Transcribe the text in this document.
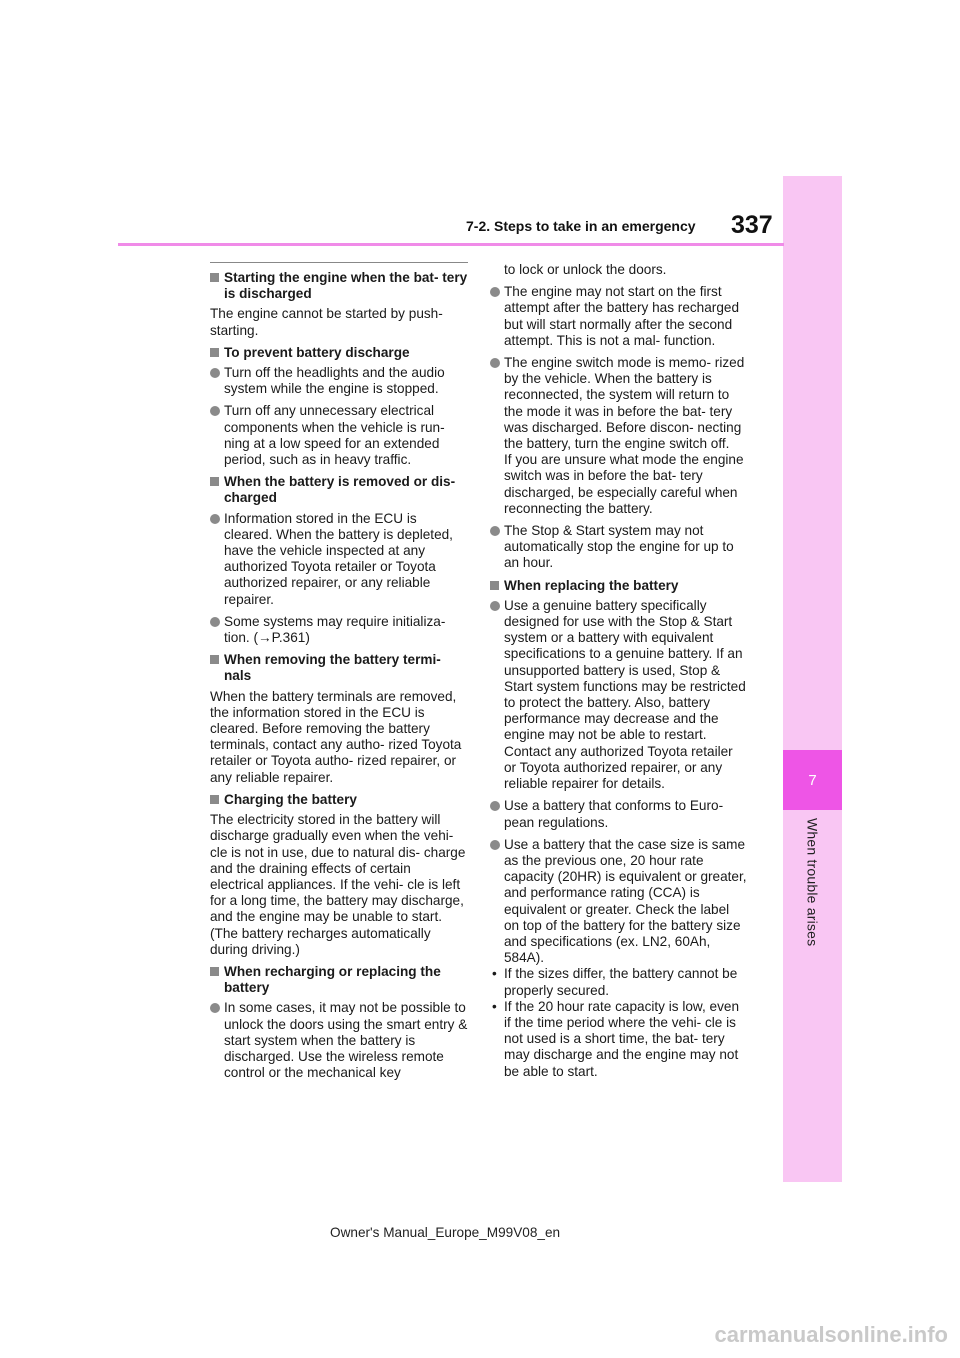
7
When trouble arises
7-2. Steps to take in an emergency 337
Starting the engine when the bat- tery is discharged
The engine cannot be started by push-starting.
To prevent battery discharge
Turn off the headlights and the audio system while the engine is stopped.
Turn off any unnecessary electrical components when the vehicle is run- ning at a low speed for an extended period, such as in heavy traffic.
When the battery is removed or dis- charged
Information stored in the ECU is cleared. When the battery is depleted, have the vehicle inspected at any authorized Toyota retailer or Toyota authorized repairer, or any reliable repairer.
Some systems may require initializa- tion. (→P.361)
When removing the battery termi- nals
When the battery terminals are removed, the information stored in the ECU is cleared. Before removing the battery terminals, contact any autho- rized Toyota retailer or Toyota autho- rized repairer, or any reliable repairer.
Charging the battery
The electricity stored in the battery will discharge gradually even when the vehi- cle is not in use, due to natural dis- charge and the draining effects of certain electrical appliances. If the vehi- cle is left for a long time, the battery may discharge, and the engine may be unable to start. (The battery recharges automatically during driving.)
When recharging or replacing the battery
In some cases, it may not be possible to unlock the doors using the smart entry & start system when the battery is discharged. Use the wireless remote control or the mechanical key
to lock or unlock the doors.
The engine may not start on the first attempt after the battery has recharged but will start normally after the second attempt. This is not a mal- function.
The engine switch mode is memo- rized by the vehicle. When the battery is reconnected, the system will return to the mode it was in before the bat- tery was discharged. Before discon- necting the battery, turn the engine switch off.
If you are unsure what mode the engine switch was in before the bat- tery discharged, be especially careful when reconnecting the battery.
The Stop & Start system may not automatically stop the engine for up to an hour.
When replacing the battery
Use a genuine battery specifically designed for use with the Stop & Start system or a battery with equivalent specifications to a genuine battery. If an unsupported battery is used, Stop & Start system functions may be restricted to protect the battery. Also, battery performance may decrease and the engine may not be able to restart. Contact any authorized Toyota retailer or Toyota authorized repairer, or any reliable repairer for details.
Use a battery that conforms to Euro- pean regulations.
Use a battery that the case size is same as the previous one, 20 hour rate capacity (20HR) is equivalent or greater, and performance rating (CCA) is equivalent or greater. Check the label on top of the battery for the battery size and specifications (ex. LN2, 60Ah, 584A).
• If the sizes differ, the battery cannot be properly secured.
• If the 20 hour rate capacity is low, even if the time period where the vehi- cle is not used is a short time, the bat- tery may discharge and the engine may not be able to start.
Owner's Manual_Europe_M99V08_en
carmanualsonline.info
